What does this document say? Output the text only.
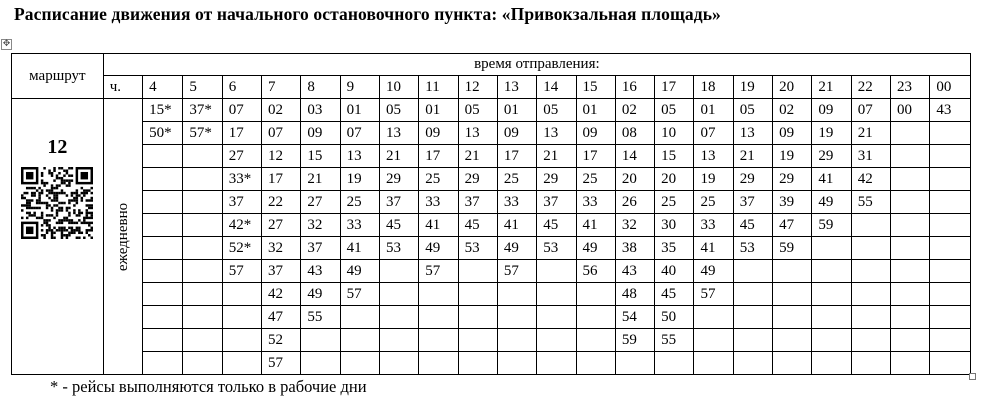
Расписание движения от начального остановочного пункта: «Привокзальная площадь»
✥
маршрут	время отправления:																					
	ч.	4	5	6	7	8	9	10	11	12	13	14	15	16	17	18	19	20	21	22	23	00

12	ежедневно	15*	37*	07	02	03	01	05	01	05	01	05	01	02	05	01	05	02	09	07	00	43
		50*	57*	17	07	09	07	13	09	13	09	13	09	08	10	07	13	09	19	21		
				27	12	15	13	21	17	21	17	21	17	14	15	13	21	19	29	31		
				33*	17	21	19	29	25	29	25	29	25	20	20	19	29	29	41	42		
				37	22	27	25	37	33	37	33	37	33	26	25	25	37	39	49	55		
				42*	27	32	33	45	41	45	41	45	41	32	30	33	45	47	59			
				52*	32	37	41	53	49	53	49	53	49	38	35	41	53	59				
				57	37	43	49		57		57		56	43	40	49						
					42	49	57							48	45	57						
					47	55								54	50							
					52									59	55							
					57																	
* - рейсы выполняются только в рабочие дни
